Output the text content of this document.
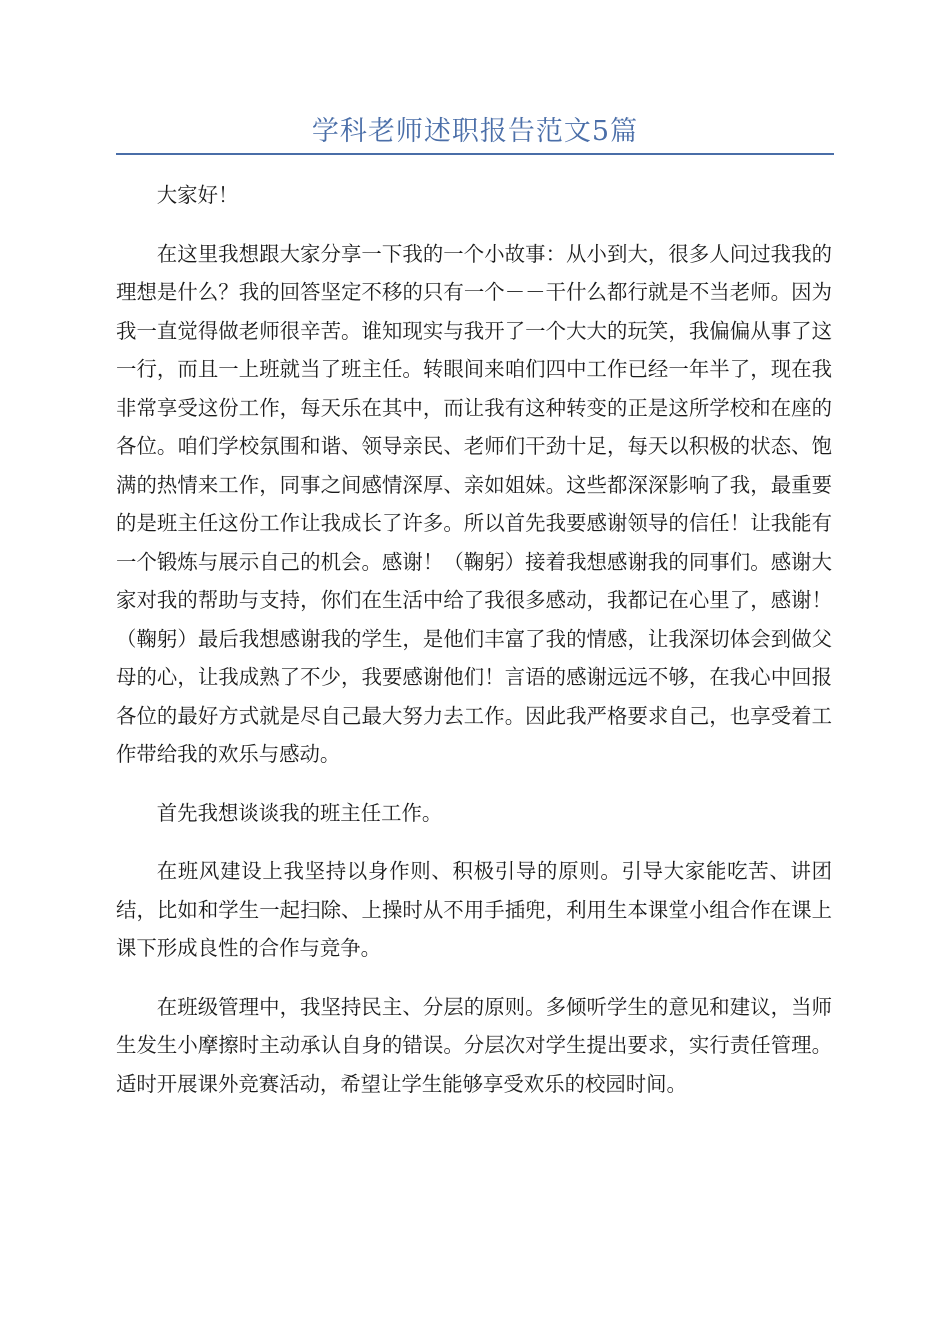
学科老师述职报告范文5篇

大家好！

在这里我想跟大家分享一下我的一个小故事：从小到大，很多人问过我我的理想是什么？我的回答坚定不移的只有一个－－干什么都行就是不当老师。因为我一直觉得做老师很辛苦。谁知现实与我开了一个大大的玩笑，我偏偏从事了这一行，而且一上班就当了班主任。转眼间来咱们四中工作已经一年半了，现在我非常享受这份工作，每天乐在其中，而让我有这种转变的正是这所学校和在座的各位。咱们学校氛围和谐、领导亲民、老师们干劲十足，每天以积极的状态、饱满的热情来工作，同事之间感情深厚、亲如姐妹。这些都深深影响了我，最重要的是班主任这份工作让我成长了许多。所以首先我要感谢领导的信任！让我能有一个锻炼与展示自己的机会。感谢！（鞠躬）接着我想感谢我的同事们。感谢大家对我的帮助与支持，你们在生活中给了我很多感动，我都记在心里了，感谢！（鞠躬）最后我想感谢我的学生，是他们丰富了我的情感，让我深切体会到做父母的心，让我成熟了不少，我要感谢他们！言语的感谢远远不够，在我心中回报各位的最好方式就是尽自己最大努力去工作。因此我严格要求自己，也享受着工作带给我的欢乐与感动。

首先我想谈谈我的班主任工作。

在班风建设上我坚持以身作则、积极引导的原则。引导大家能吃苦、讲团结，比如和学生一起扫除、上操时从不用手插兜，利用生本课堂小组合作在课上课下形成良性的合作与竞争。

在班级管理中，我坚持民主、分层的原则。多倾听学生的意见和建议，当师生发生小摩擦时主动承认自身的错误。分层次对学生提出要求，实行责任管理。适时开展课外竞赛活动，希望让学生能够享受欢乐的校园时间。
